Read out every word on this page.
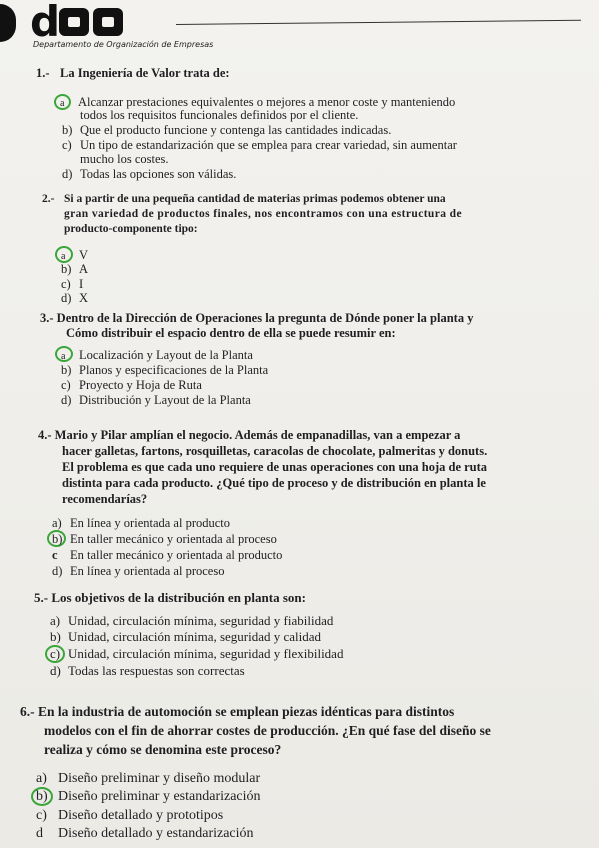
d
Departamento de Organización de Empresas
1.- La Ingeniería de Valor trata de:
a Alcanzar prestaciones equivalentes o mejores a menor coste y manteniendo
todos los requisitos funcionales definidos por el cliente.
b) Que el producto funcione y contenga las cantidades indicadas.
c) Un tipo de estandarización que se emplea para crear variedad, sin aumentar
mucho los costes.
d) Todas las opciones son válidas.
2.- Si a partir de una pequeña cantidad de materias primas podemos obtener una
gran variedad de productos finales, nos encontramos con una estructura de
producto-componente tipo:
a V
b) A
c) I
d) X
3.- Dentro de la Dirección de Operaciones la pregunta de Dónde poner la planta y
Cómo distribuir el espacio dentro de ella se puede resumir en:
a Localización y Layout de la Planta
b) Planos y especificaciones de la Planta
c) Proyecto y Hoja de Ruta
d) Distribución y Layout de la Planta
4.- Mario y Pilar amplían el negocio. Además de empanadillas, van a empezar a
hacer galletas, fartons, rosquilletas, caracolas de chocolate, palmeritas y donuts.
El problema es que cada uno requiere de unas operaciones con una hoja de ruta
distinta para cada producto. ¿Qué tipo de proceso y de distribución en planta le
recomendarías?
a) En línea y orientada al producto
b) En taller mecánico y orientada al proceso
c En taller mecánico y orientada al producto
d) En línea y orientada al proceso
5.- Los objetivos de la distribución en planta son:
a) Unidad, circulación mínima, seguridad y fiabilidad
b) Unidad, circulación mínima, seguridad y calidad
c) Unidad, circulación mínima, seguridad y flexibilidad
d) Todas las respuestas son correctas
6.- En la industria de automoción se emplean piezas idénticas para distintos
modelos con el fin de ahorrar costes de producción. ¿En qué fase del diseño se
realiza y cómo se denomina este proceso?
a) Diseño preliminar y diseño modular
b) Diseño preliminar y estandarización
c) Diseño detallado y prototipos
d Diseño detallado y estandarización
